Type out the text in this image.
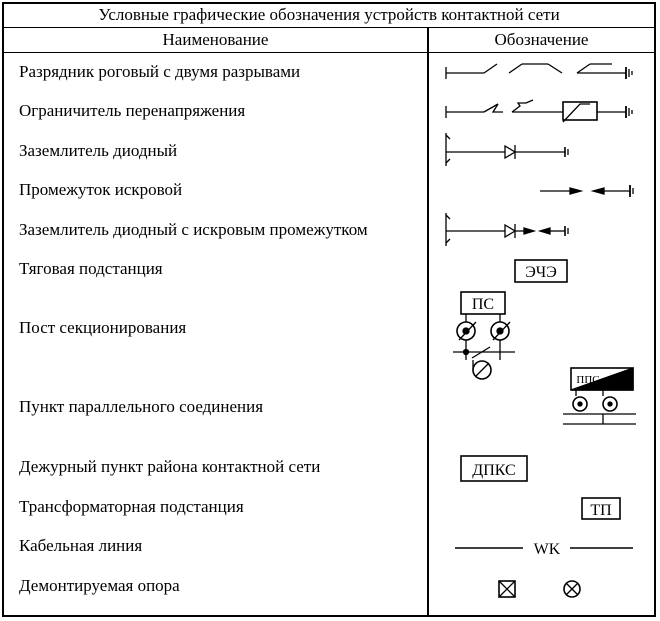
Условные графические обозначения устройств контактной сети
Наименование	Обозначение
Разрядник роговый с двумя разрывами
Ограничитель перенапряжения
Заземлитель диодный
Промежуток искровой
Заземлитель диодный с искровым промежутком
Тяговая подстанция
Пост секционирования
Пункт параллельного соединения
Дежурный пункт района контактной сети
Трансформаторная подстанция
Кабельная линия
Демонтируемая опора
ЭЧЭ
ПС
ППС
ДПКС
ТП
WK
